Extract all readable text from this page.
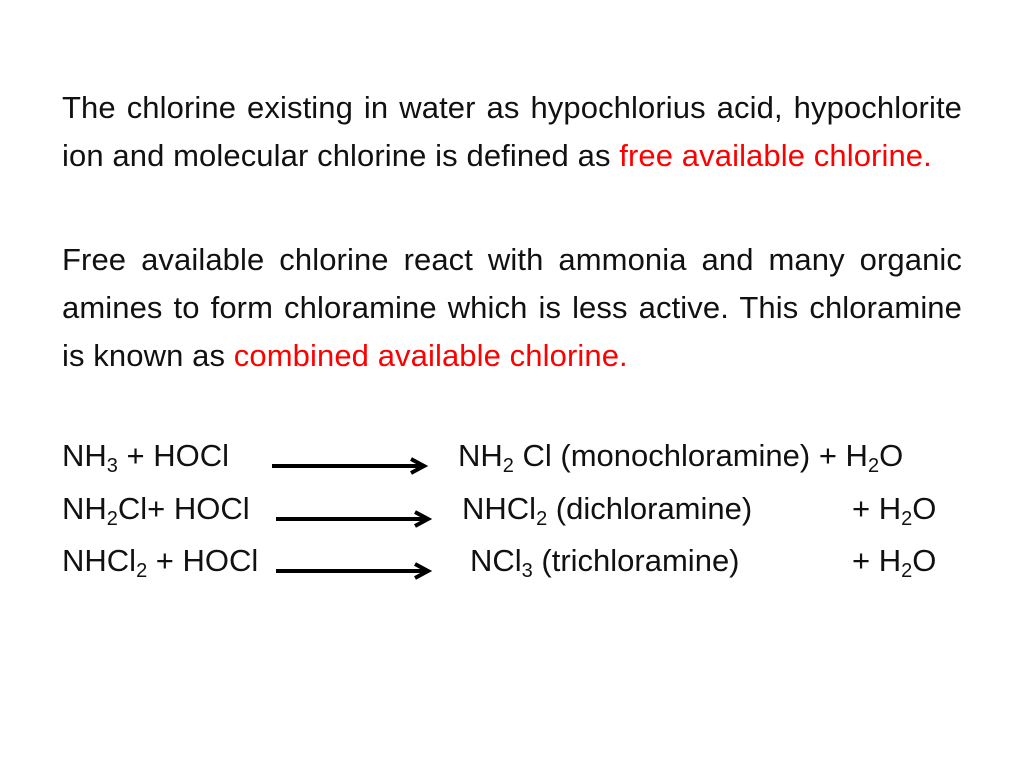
The chlorine existing in water as hypochlorius acid, hypochlorite ion and molecular chlorine is defined as free available chlorine.

Free available chlorine react with ammonia and many organic amines to form chloramine which is less active. This chloramine is known as combined available chlorine.

$NH_3$ + HOCl	$NH_2$ Cl (monochloramine) + $H_2O$
$NH_2Cl+$ HOCl	NHCl$_2$ (dichloramine)	+ $H_2O$
NHCl$_2$ + HOCl	NCl$_3$ (trichloramine)	+ $H_2O$
